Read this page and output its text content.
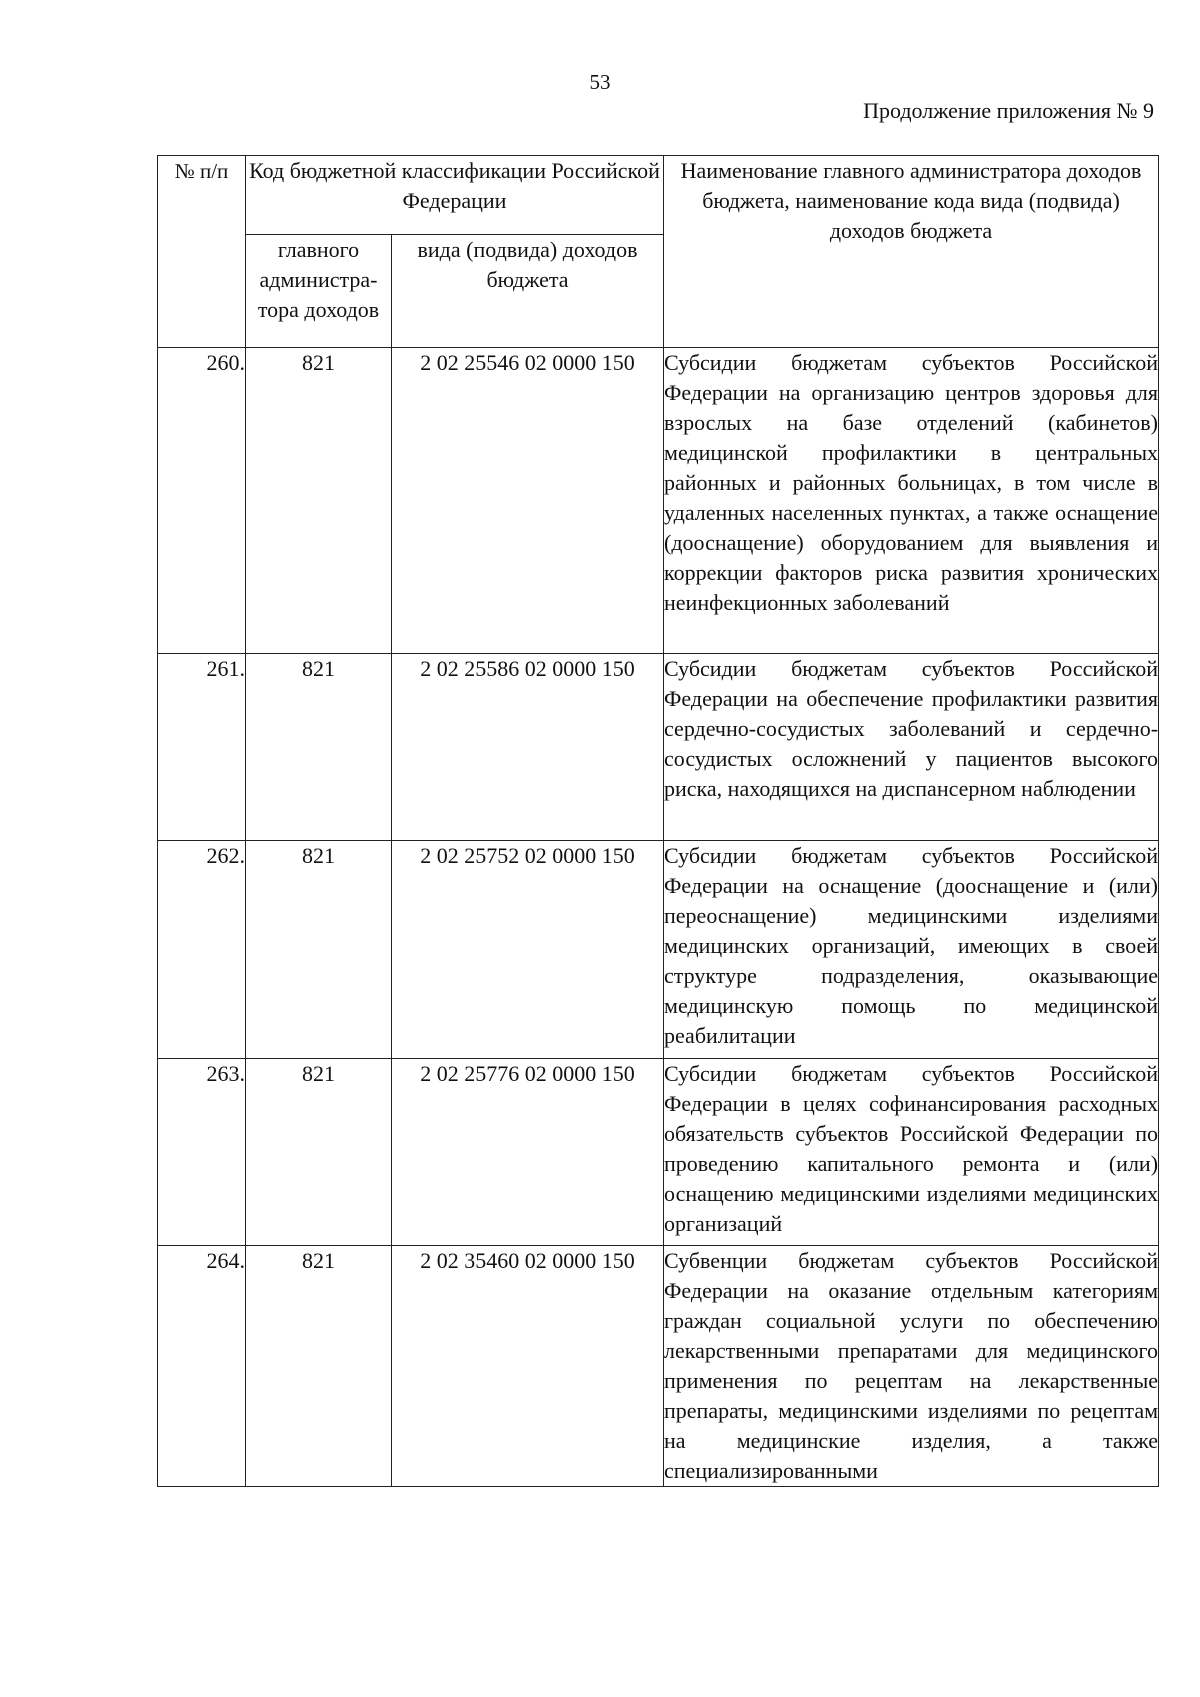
53
Продолжение приложения № 9
№ п/п	Код бюджетной классификации Российской Федерации		Наименование главного администратора доходов бюджета, наименование кода вида (подвида) доходов бюджета
	главного администра-тора доходов	вида (подвида) доходов бюджета	
260.	821	2 02 25546 02 0000 150	Субсидии бюджетам субъектов Российской Федерации на организацию центров здоровья для взрослых на базе отделений (кабинетов) медицинской профилактики в центральных районных и районных больницах, в том числе в удаленных населенных пунктах, а также оснащение (дооснащение) оборудованием для выявления и коррекции факторов риска развития хронических неинфекционных заболеваний
261.	821	2 02 25586 02 0000 150	Субсидии бюджетам субъектов Российской Федерации на обеспечение профилактики развития сердечно-сосудистых заболеваний и сердечно-сосудистых осложнений у пациентов высокого риска, находящихся на диспансерном наблюдении
262.	821	2 02 25752 02 0000 150	Субсидии бюджетам субъектов Российской Федерации на оснащение (дооснащение и (или) переоснащение) медицинскими изделиями медицинских организаций, имеющих в своей структуре подразделения, оказывающие медицинскую помощь по медицинской реабилитации
263.	821	2 02 25776 02 0000 150	Субсидии бюджетам субъектов Российской Федерации в целях софинансирования расходных обязательств субъектов Российской Федерации по проведению капитального ремонта и (или) оснащению медицинскими изделиями медицинских организаций
264.	821	2 02 35460 02 0000 150	Субвенции бюджетам субъектов Российской Федерации на оказание отдельным категориям граждан социальной услуги по обеспечению лекарственными препаратами для медицинского применения по рецептам на лекарственные препараты, медицинскими изделиями по рецептам на медицинские изделия, а также специализированными
